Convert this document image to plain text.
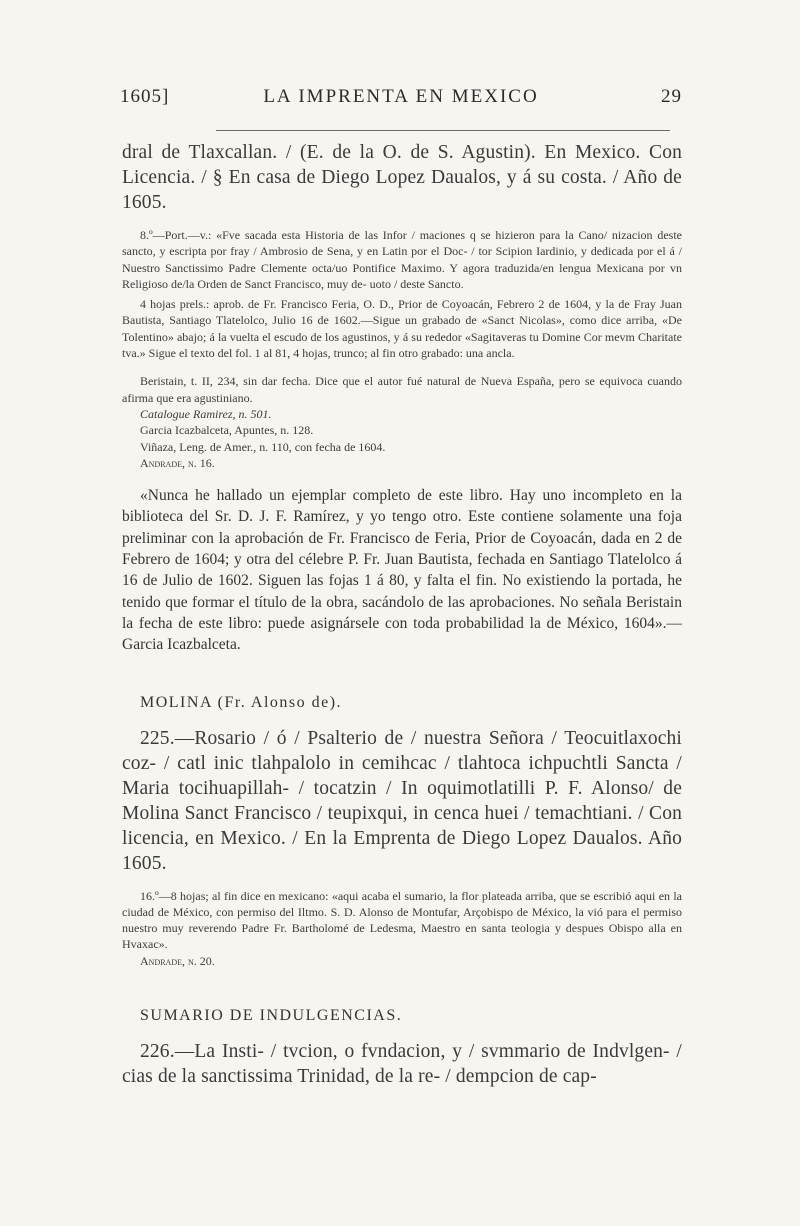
1605]	LA IMPRENTA EN MEXICO	29

dral de Tlaxcallan. / (E. de la O. de S. Agustin). En Mexico. Con Licencia. / § En casa de Diego Lopez Daualos, y á su costa. / Año de 1605.

8.º—Port.—v.: «Fve sacada esta Historia de las Infor / maciones q se hizieron para la Cano/ nizacion deste sancto, y escripta por fray / Ambrosio de Sena, y en Latin por el Doc- / tor Scipion Iardinio, y dedicada por el á / Nuestro Sanctissimo Padre Clemente octa/uo Pontifice Maximo. Y agora traduzida/en lengua Mexicana por vn Religioso de/la Orden de Sanct Francisco, muy de- uoto / deste Sancto.

4 hojas prels.: aprob. de Fr. Francisco Feria, O. D., Prior de Coyoacán, Febrero 2 de 1604, y la de Fray Juan Bautista, Santiago Tlatelolco, Julio 16 de 1602.—Sigue un grabado de «Sanct Nicolas», como dice arriba, «De Tolentino» abajo; á la vuelta el escudo de los agustinos, y á su rededor «Sagitaveras tu Domine Cor mevm Charitate tva.» Sigue el texto del fol. 1 al 81, 4 hojas, trunco; al fin otro grabado: una ancla.

Beristain, t. II, 234, sin dar fecha. Dice que el autor fué natural de Nueva España, pero se equivoca cuando afirma que era agustiniano.

Catalogue Ramirez, n. 501.

Garcia Icazbalceta, Apuntes, n. 128.

Viñaza, Leng. de Amer., n. 110, con fecha de 1604.

Andrade, n. 16.

«Nunca he hallado un ejemplar completo de este libro. Hay uno incompleto en la biblioteca del Sr. D. J. F. Ramírez, y yo tengo otro. Este contiene solamente una foja preliminar con la aprobación de Fr. Francisco de Feria, Prior de Coyoacán, dada en 2 de Febrero de 1604; y otra del célebre P. Fr. Juan Bautista, fechada en Santiago Tlatelolco á 16 de Julio de 1602. Siguen las fojas 1 á 80, y falta el fin. No existiendo la portada, he tenido que formar el título de la obra, sacándolo de las aprobaciones. No señala Beristain la fecha de este libro: puede asignársele con toda probabilidad la de México, 1604».—Garcia Icazbalceta.

MOLINA (Fr. Alonso de).

225.—Rosario / ó / Psalterio de / nuestra Señora / Teocuitlaxochi coz- / catl inic tlahpalolo in cemihcac / tlahtoca ichpuchtli Sancta / Maria tocihuapillah- / tocatzin / In oquimotlatilli P. F. Alonso/ de Molina Sanct Francisco / teupixqui, in cenca huei / temachtiani. / Con licencia, en Mexico. / En la Emprenta de Diego Lopez Daualos. Año 1605.

16.º—8 hojas; al fin dice en mexicano: «aqui acaba el sumario, la flor plateada arriba, que se escribió aqui en la ciudad de México, con permiso del Iltmo. S. D. Alonso de Montufar, Arçobispo de México, la vió para el permiso nuestro muy reverendo Padre Fr. Bartholomé de Ledesma, Maestro en santa teologia y despues Obispo alla en Hvaxac».

Andrade, n. 20.

SUMARIO DE INDULGENCIAS.

226.—La Insti- / tvcion, o fvndacion, y / svmmario de Indvlgen- / cias de la sanctissima Trinidad, de la re- / dempcion de cap-
